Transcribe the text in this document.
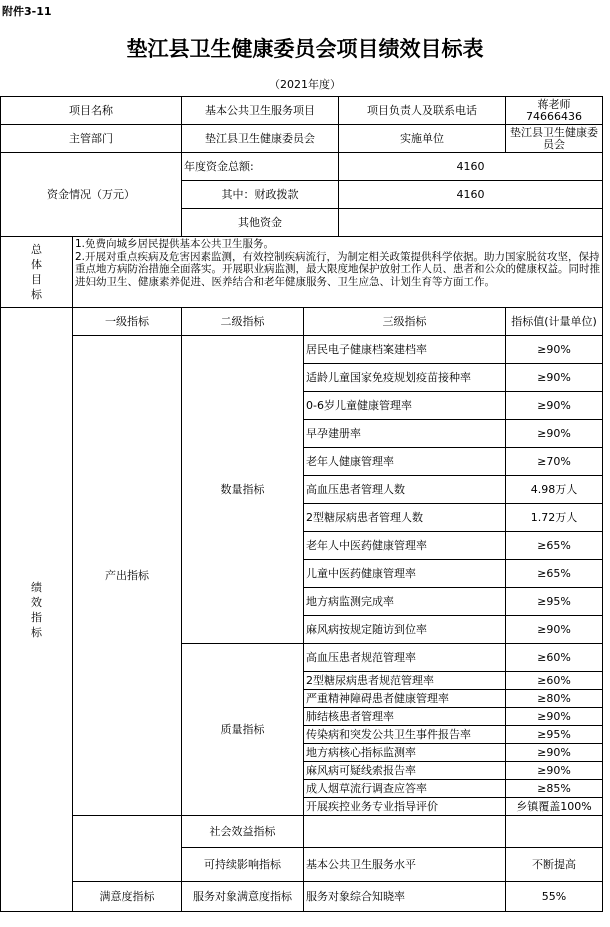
附件3-11
垫江县卫生健康委员会项目绩效目标表
（2021年度）
项目名称		基本公共卫生服务项目		项目负责人及联系电话	蒋老师 74666436
主管部门		垫江县卫生健康委员会		实施单位	垫江县卫生健康委员会
资金情况（万元）		年度资金总额:		4160	
		其中：财政拨款		4160	
		其他资金			
总体目标	1.免费向城乡居民提供基本公共卫生服务。
2.开展对重点疾病及危害因素监测，有效控制疾病流行，为制定相关政策提供科学依据。助力国家脱贫攻坚，保持重点地方病防治措施全面落实。开展职业病监测，最大限度地保护放射工作人员、患者和公众的健康权益。同时推进妇幼卫生、健康素养促进、医养结合和老年健康服务、卫生应急、计划生育等方面工作。				

绩效指标	一级指标	二级指标	三级指标		指标值(计量单位)
	产出指标	数量指标	居民电子健康档案建档率		≥90%
			适龄儿童国家免疫规划疫苗接种率		≥90%
			0-6岁儿童健康管理率		≥90%
			早孕建册率		≥90%
			老年人健康管理率		≥70%
			高血压患者管理人数		4.98万人
			2型糖尿病患者管理人数		1.72万人
			老年人中医药健康管理率		≥65%
			儿童中医药健康管理率		≥65%
			地方病监测完成率		≥95%
			麻风病按规定随访到位率		≥90%
		质量指标	高血压患者规范管理率		≥60%
			2型糖尿病患者规范管理率		≥60%
			严重精神障碍患者健康管理率		≥80%
			肺结核患者管理率		≥90%
			传染病和突发公共卫生事件报告率		≥95%
			地方病核心指标监测率		≥90%
			麻风病可疑线索报告率		≥90%
			成人烟草流行调查应答率		≥85%
			开展疾控业务专业指导评价		乡镇覆盖100%
		社会效益指标			
		可持续影响指标	基本公共卫生服务水平		不断提高
	满意度指标	服务对象满意度指标	服务对象综合知晓率		55%
